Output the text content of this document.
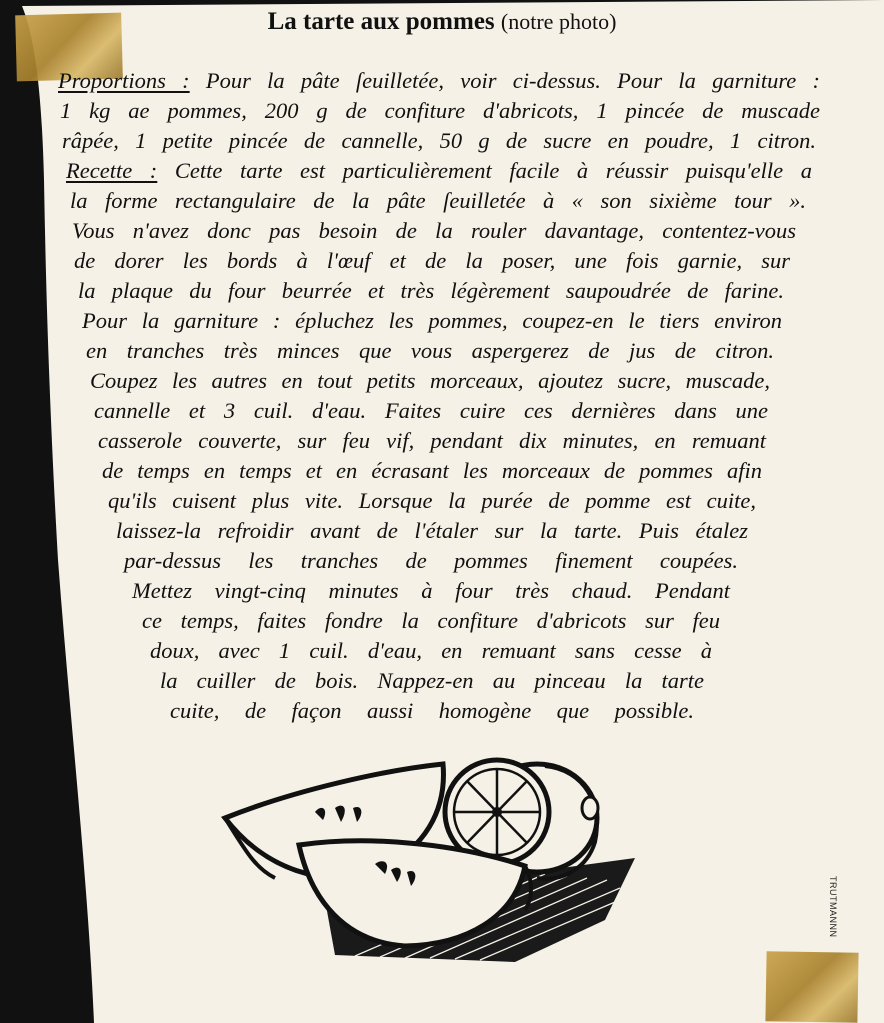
La tarte aux pommes (notre photo)
Proportions : Pour la pâte ſeuilletée, voir ci-dessus. Pour la garniture :
1 kg ae pommes, 200 g de confiture d'abricots, 1 pincée de muscade
râpée, 1 petite pincée de cannelle, 50 g de sucre en poudre, 1 citron.
Recette : Cette tarte est particulièrement facile à réussir puisqu'elle a
la forme rectangulaire de la pâte ſeuilletée à « son sixième tour ».
Vous n'avez donc pas besoin de la rouler davantage, contentez-vous
de dorer les bords à l'œuf et de la poser, une fois garnie, sur
la plaque du four beurrée et très légèrement saupoudrée de farine.
Pour la garniture : épluchez les pommes, coupez-en le tiers environ
en tranches très minces que vous aspergerez de jus de citron.
Coupez les autres en tout petits morceaux, ajoutez sucre, muscade,
cannelle et 3 cuil. d'eau. Faites cuire ces dernières dans une
casserole couverte, sur feu vif, pendant dix minutes, en remuant
de temps en temps et en écrasant les morceaux de pommes afin
qu'ils cuisent plus vite. Lorsque la purée de pomme est cuite,
laissez-la refroidir avant de l'étaler sur la tarte. Puis étalez
par-dessus les tranches de pommes finement coupées.
Mettez vingt-cinq minutes à four très chaud. Pendant
ce temps, faites fondre la confiture d'abricots sur feu
doux, avec 1 cuil. d'eau, en remuant sans cesse à
la cuiller de bois. Nappez-en au pinceau la tarte
cuite, de façon aussi homogène que possible.
TRUTMANNN
